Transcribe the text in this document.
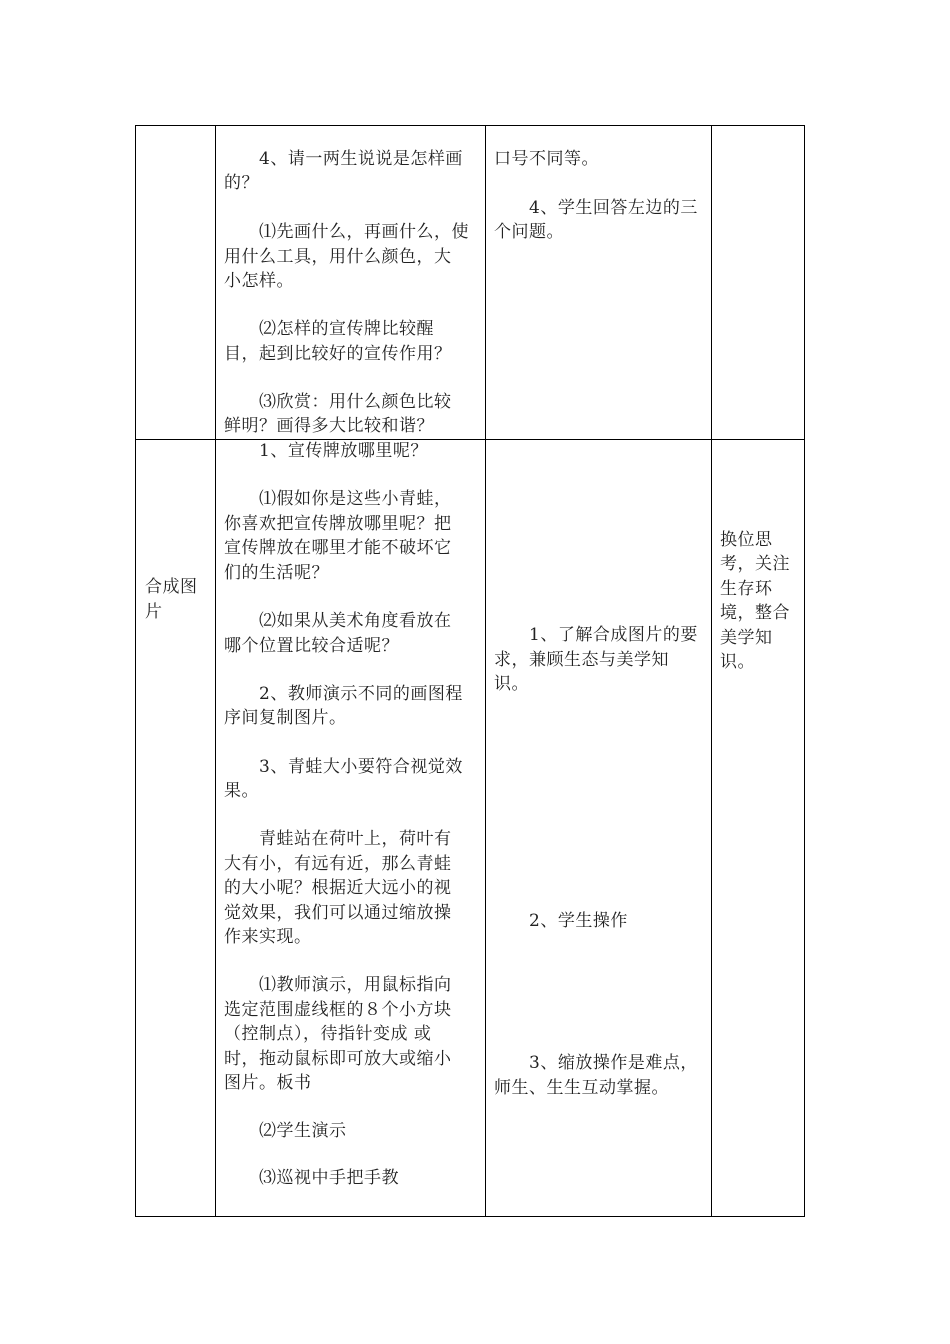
　　4、请一两生说说是怎样画
的？
　　⑴先画什么，再画什么，使
用什么工具，用什么颜色，大
小怎样。
　　⑵怎样的宣传牌比较醒
目，起到比较好的宣传作用？
　　⑶欣赏：用什么颜色比较
鲜明？画得多大比较和谐？
口号不同等。
　　4、学生回答左边的三
个问题。
合成图
片
　　1、宣传牌放哪里呢？
　　⑴假如你是这些小青蛙，
你喜欢把宣传牌放哪里呢？把
宣传牌放在哪里才能不破坏它
们的生活呢？
　　⑵如果从美术角度看放在
哪个位置比较合适呢？
　　2、教师演示不同的画图程
序间复制图片。
　　3、青蛙大小要符合视觉效
果。
　　青蛙站在荷叶上，荷叶有
大有小，有远有近，那么青蛙
的大小呢？根据近大远小的视
觉效果，我们可以通过缩放操
作来实现。
　　⑴教师演示，用鼠标指向
选定范围虚线框的８个小方块
（控制点），待指针变成 或
时，拖动鼠标即可放大或缩小
图片。板书
　　⑵学生演示
　　⑶巡视中手把手教
　　1、了解合成图片的要
求，兼顾生态与美学知
识。
　　2、学生操作
　　3、缩放操作是难点，
师生、生生互动掌握。
换位思
考，关注
生存环
境，整合
美学知
识。
